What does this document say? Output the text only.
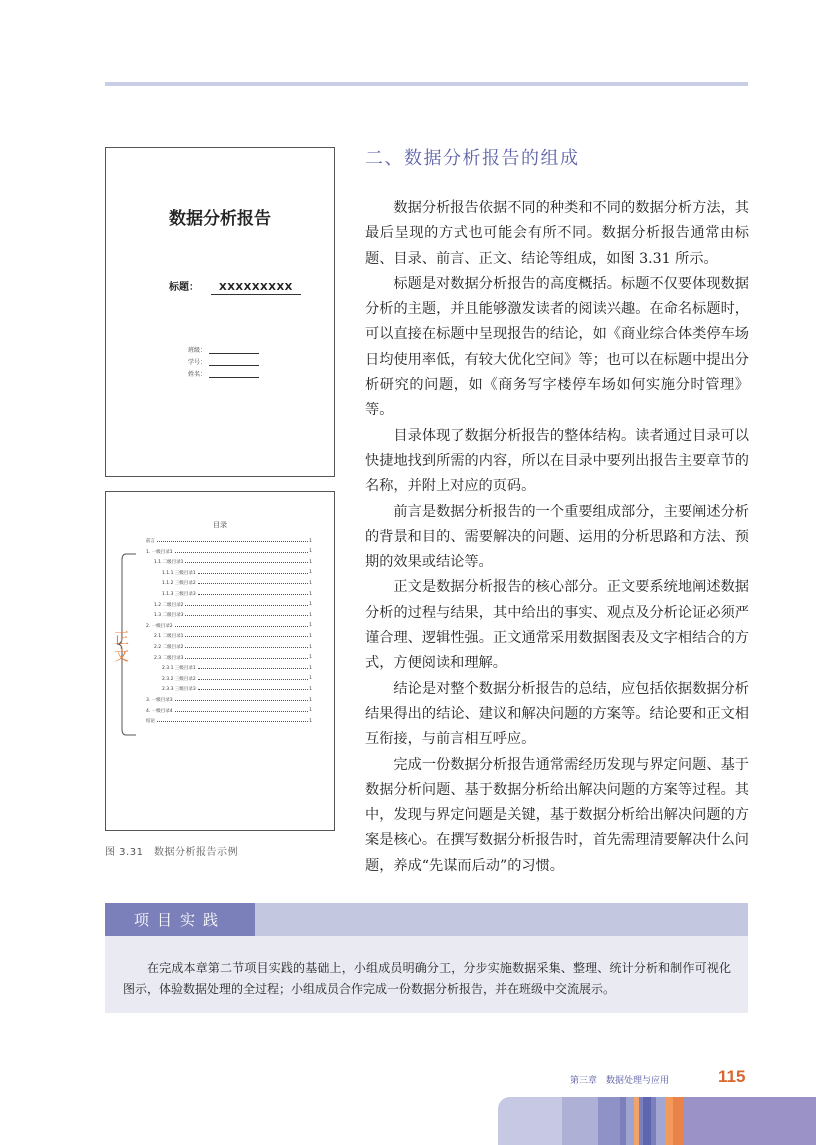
数据分析报告
标题： XXXXXXXXX
班级：
学号：
姓名：
目录
正
文
前言	1
1. 一级目录1	1
1.1 二级目录1	1
1.1.1 三级目录1	1
1.1.2 三级目录2	1
1.1.3 三级目录3	1
1.2 二级目录2	1
1.3 二级目录3	1
2. 一级目录2	1
2.1 二级目录1	1
2.2 二级目录2	1
2.3 二级目录3	1
2.3.1 三级目录1	1
2.3.2 三级目录2	1
2.3.3 三级目录3	1
3. 一级目录3	1
4. 一级目录4	1
结论	1
图 3.31　数据分析报告示例
二、数据分析报告的组成

数据分析报告依据不同的种类和不同的数据分析方法，其最后呈现的方式也可能会有所不同。数据分析报告通常由标题、目录、前言、正文、结论等组成，如图 3.31 所示。

标题是对数据分析报告的高度概括。标题不仅要体现数据分析的主题，并且能够激发读者的阅读兴趣。在命名标题时，可以直接在标题中呈现报告的结论，如《商业综合体类停车场日均使用率低，有较大优化空间》等；也可以在标题中提出分析研究的问题，如《商务写字楼停车场如何实施分时管理》等。

目录体现了数据分析报告的整体结构。读者通过目录可以快捷地找到所需的内容，所以在目录中要列出报告主要章节的名称，并附上对应的页码。

前言是数据分析报告的一个重要组成部分，主要阐述分析的背景和目的、需要解决的问题、运用的分析思路和方法、预期的效果或结论等。

正文是数据分析报告的核心部分。正文要系统地阐述数据分析的过程与结果，其中给出的事实、观点及分析论证必须严谨合理、逻辑性强。正文通常采用数据图表及文字相结合的方式，方便阅读和理解。

结论是对整个数据分析报告的总结，应包括依据数据分析结果得出的结论、建议和解决问题的方案等。结论要和正文相互衔接，与前言相互呼应。

完成一份数据分析报告通常需经历发现与界定问题、基于数据分析问题、基于数据分析给出解决问题的方案等过程。其中，发现与界定问题是关键，基于数据分析给出解决问题的方案是核心。在撰写数据分析报告时，首先需理清要解决什么问题，养成“先谋而后动”的习惯。

项目实践

在完成本章第二节项目实践的基础上，小组成员明确分工，分步实施数据采集、整理、统计分析和制作可视化图示，体验数据处理的全过程；小组成员合作完成一份数据分析报告，并在班级中交流展示。

第三章　数据处理与应用	115
